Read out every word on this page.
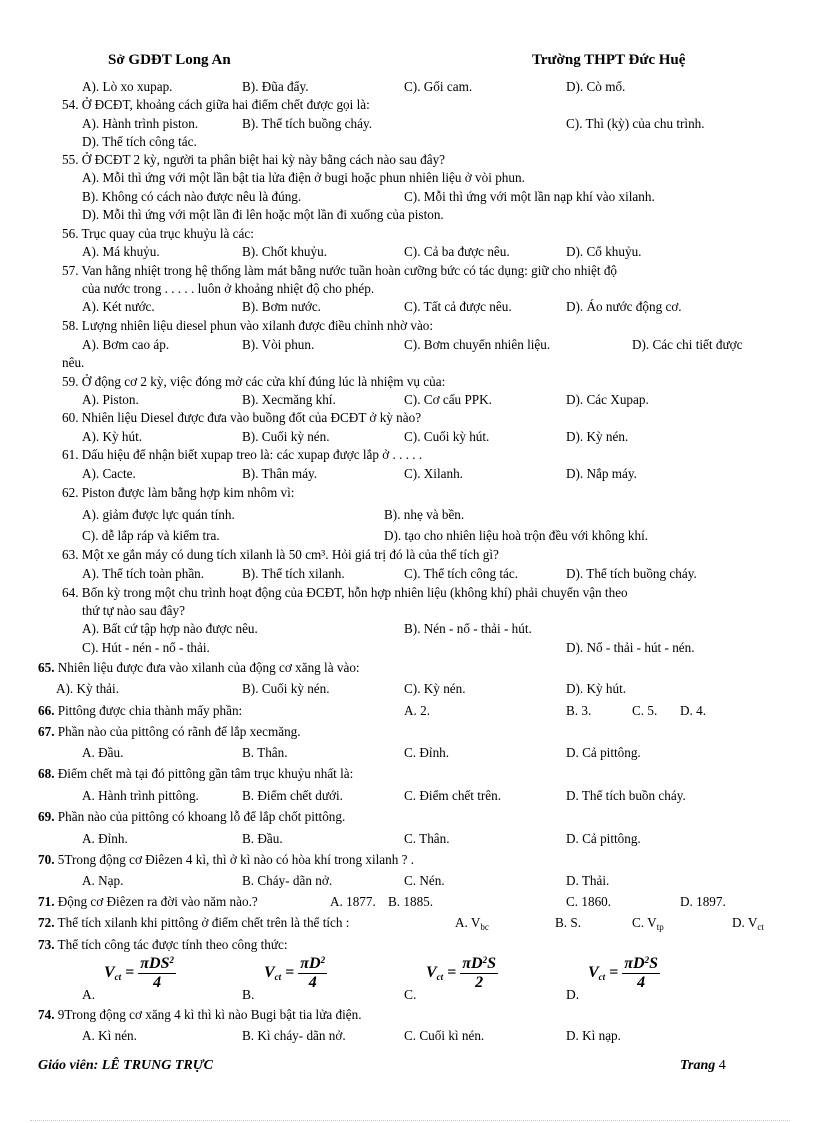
Sở GDĐT Long An	Trường THPT Đức Huệ
A). Lò xo xupap.	B). Đũa đẩy.	C). Gối cam.	D). Cò mổ.
54. Ở ĐCĐT, khoảng cách giữa hai điểm chết được gọi là:
A). Hành trình piston.	B). Thể tích buồng cháy.	C). Thì (kỳ) của chu trình.
D). Thể tích công tác.
55. Ở ĐCĐT 2 kỳ, người ta phân biệt hai kỳ này bằng cách nào sau đây?
A). Mỗi thì ứng với một lần bật tia lửa điện ở bugi hoặc phun nhiên liệu ở vòi phun.
B). Không có cách nào được nêu là đúng.	C). Mỗi thì ứng với một lần nạp khí vào xilanh.
D). Mỗi thì ứng với một lần đi lên hoặc một lần đi xuống của piston.
56. Trục quay của trục khuỷu là các:
A). Má khuỷu.	B). Chốt khuỷu.	C). Cả ba được nêu.	D). Cổ khuỷu.
57. Van hằng nhiệt trong hệ thống làm mát bằng nước tuần hoàn cưỡng bức có tác dụng: giữ cho nhiệt độ
của nước trong . . . . . luôn ở khoảng nhiệt độ cho phép.
A). Két nước.	B). Bơm nước.	C). Tất cả được nêu.	D). Áo nước động cơ.
58. Lượng nhiên liệu diesel phun vào xilanh được điều chỉnh nhờ vào:
A). Bơm cao áp.	B). Vòi phun.	C). Bơm chuyển nhiên liệu.	D). Các chi tiết được
nêu.
59. Ở động cơ 2 kỳ, việc đóng mở các cửa khí đúng lúc là nhiệm vụ của:
A). Piston.	B). Xecmăng khí.	C). Cơ cấu PPK.	D). Các Xupap.
60. Nhiên liệu Diesel được đưa vào buồng đốt của ĐCĐT ở kỳ nào?
A). Kỳ hút.	B). Cuối kỳ nén.	C). Cuối kỳ hút.	D). Kỳ nén.
61. Dấu hiệu để nhận biết xupap treo là: các xupap được lắp ở . . . . .
A). Cacte.	B). Thân máy.	C). Xilanh.	D). Nắp máy.
62. Piston được làm bằng hợp kim nhôm vì:
A). giảm được lực quán tính.	B). nhẹ và bền.
C). dễ lắp ráp và kiểm tra.	D). tạo cho nhiên liệu hoà trộn đều với không khí.
63. Một xe gắn máy có dung tích xilanh là 50 cm³. Hỏi giá trị đó là của thể tích gì?
A). Thể tích toàn phần.	B). Thể tích xilanh.	C). Thể tích công tác.	D). Thể tích buồng cháy.
64. Bốn kỳ trong một chu trình hoạt động của ĐCĐT, hỗn hợp nhiên liệu (không khí) phải chuyển vận theo
thứ tự nào sau đây?
A). Bất cứ tập hợp nào được nêu.	B). Nén - nổ - thải - hút.
C). Hút - nén - nổ - thải.	D). Nổ - thải - hút - nén.
65. Nhiên liệu được đưa vào xilanh của động cơ xăng là vào:
A). Kỳ thải.	B). Cuối kỳ nén.	C). Kỳ nén.	D). Kỳ hút.
66. Pittông được chia thành mấy phần:	A. 2.	B. 3.	C. 5. D. 4.
67. Phần nào của pittông có rãnh để lắp xecmăng.
A. Đầu.	B. Thân.	C. Đỉnh.	D. Cả pittông.
68. Điểm chết mà tại đó pittông gần tâm trục khuỷu nhất là:
A. Hành trình pittông.	B. Điểm chết dưới.	C. Điểm chết trên.	D. Thể tích buồn cháy.
69. Phần nào của pittông có khoang lỗ để lắp chốt pittông.
A. Đỉnh.	B. Đầu.	C. Thân.	D. Cả pittông.
70. 5Trong động cơ Điêzen 4 kì, thì ở kì nào có hòa khí trong xilanh ? .
A. Nạp.	B. Cháy- dãn nở.	C. Nén.	D. Thải.
71. Động cơ Điêzen ra đời vào năm nào.?	A. 1877. B. 1885.	C. 1860.	D. 1897.
72. Thể tích xilanh khi pittông ở điểm chết trên là thể tích :	A. $V_{bc}$	B. S.	C. $V_{tp}$	D. $V_{ct}$
73. Thể tích công tác được tính theo công thức:
74. 9Trong động cơ xăng 4 kì thì kì nào Bugi bật tia lửa điện.
A. Kì nén.	B. Kì cháy- dãn nở.	C. Cuối kì nén.	D. Kì nạp.
A.
$V_{ct} = \frac{\pi DS^2}{4}$
B.
$V_{ct} = \frac{\pi D^2}{4}$
C.
$V_{ct} = \frac{\pi D^2S}{2}$
D.
$V_{ct} = \frac{\pi D^2S}{4}$
Giáo viên: LÊ TRUNG TRỰC	Trang 4
